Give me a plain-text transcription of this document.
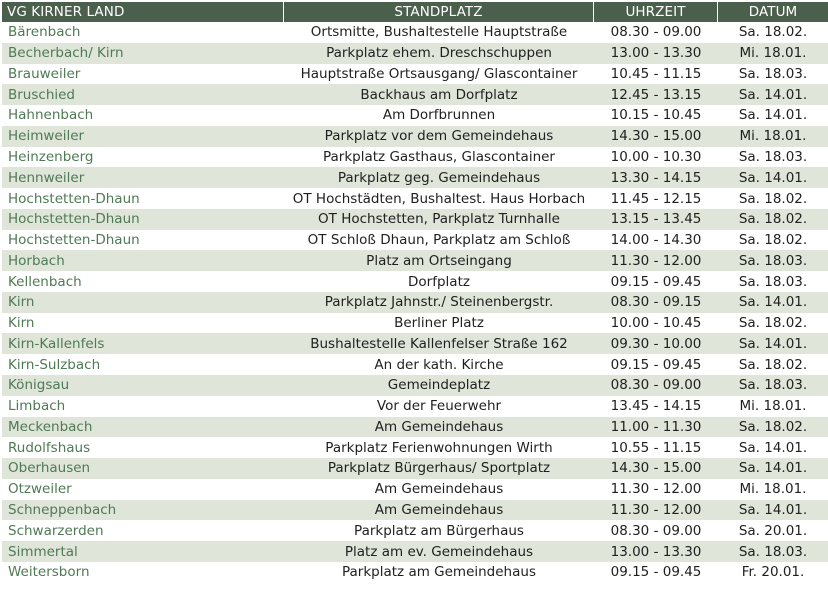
VG KIRNER LAND	STANDPLATZ	UHRZEIT	DATUM
Bärenbach	Ortsmitte, Bushaltestelle Hauptstraße	08.30 - 09.00	Sa. 18.02.
Becherbach/ Kirn	Parkplatz ehem. Dreschschuppen	13.00 - 13.30	Mi. 18.01.
Brauweiler	Hauptstraße Ortsausgang/ Glascontainer	10.45 - 11.15	Sa. 18.03.
Bruschied	Backhaus am Dorfplatz	12.45 - 13.15	Sa. 14.01.
Hahnenbach	Am Dorfbrunnen	10.15 - 10.45	Sa. 14.01.
Heimweiler	Parkplatz vor dem Gemeindehaus	14.30 - 15.00	Mi. 18.01.
Heinzenberg	Parkplatz Gasthaus, Glascontainer	10.00 - 10.30	Sa. 18.03.
Hennweiler	Parkplatz geg. Gemeindehaus	13.30 - 14.15	Sa. 14.01.
Hochstetten-Dhaun	OT Hochstädten, Bushaltest. Haus Horbach	11.45 - 12.15	Sa. 18.02.
Hochstetten-Dhaun	OT Hochstetten, Parkplatz Turnhalle	13.15 - 13.45	Sa. 18.02.
Hochstetten-Dhaun	OT Schloß Dhaun, Parkplatz am Schloß	14.00 - 14.30	Sa. 18.02.
Horbach	Platz am Ortseingang	11.30 - 12.00	Sa. 18.03.
Kellenbach	Dorfplatz	09.15 - 09.45	Sa. 18.03.
Kirn	Parkplatz Jahnstr./ Steinenbergstr.	08.30 - 09.15	Sa. 14.01.
Kirn	Berliner Platz	10.00 - 10.45	Sa. 18.02.
Kirn-Kallenfels	Bushaltestelle Kallenfelser Straße 162	09.30 - 10.00	Sa. 14.01.
Kirn-Sulzbach	An der kath. Kirche	09.15 - 09.45	Sa. 18.02.
Königsau	Gemeindeplatz	08.30 - 09.00	Sa. 18.03.
Limbach	Vor der Feuerwehr	13.45 - 14.15	Mi. 18.01.
Meckenbach	Am Gemeindehaus	11.00 - 11.30	Sa. 18.02.
Rudolfshaus	Parkplatz Ferienwohnungen Wirth	10.55 - 11.15	Sa. 14.01.
Oberhausen	Parkplatz Bürgerhaus/ Sportplatz	14.30 - 15.00	Sa. 14.01.
Otzweiler	Am Gemeindehaus	11.30 - 12.00	Mi. 18.01.
Schneppenbach	Am Gemeindehaus	11.30 - 12.00	Sa. 14.01.
Schwarzerden	Parkplatz am Bürgerhaus	08.30 - 09.00	Sa. 20.01.
Simmertal	Platz am ev. Gemeindehaus	13.00 - 13.30	Sa. 18.03.
Weitersborn	Parkplatz am Gemeindehaus	09.15 - 09.45	Fr. 20.01.
